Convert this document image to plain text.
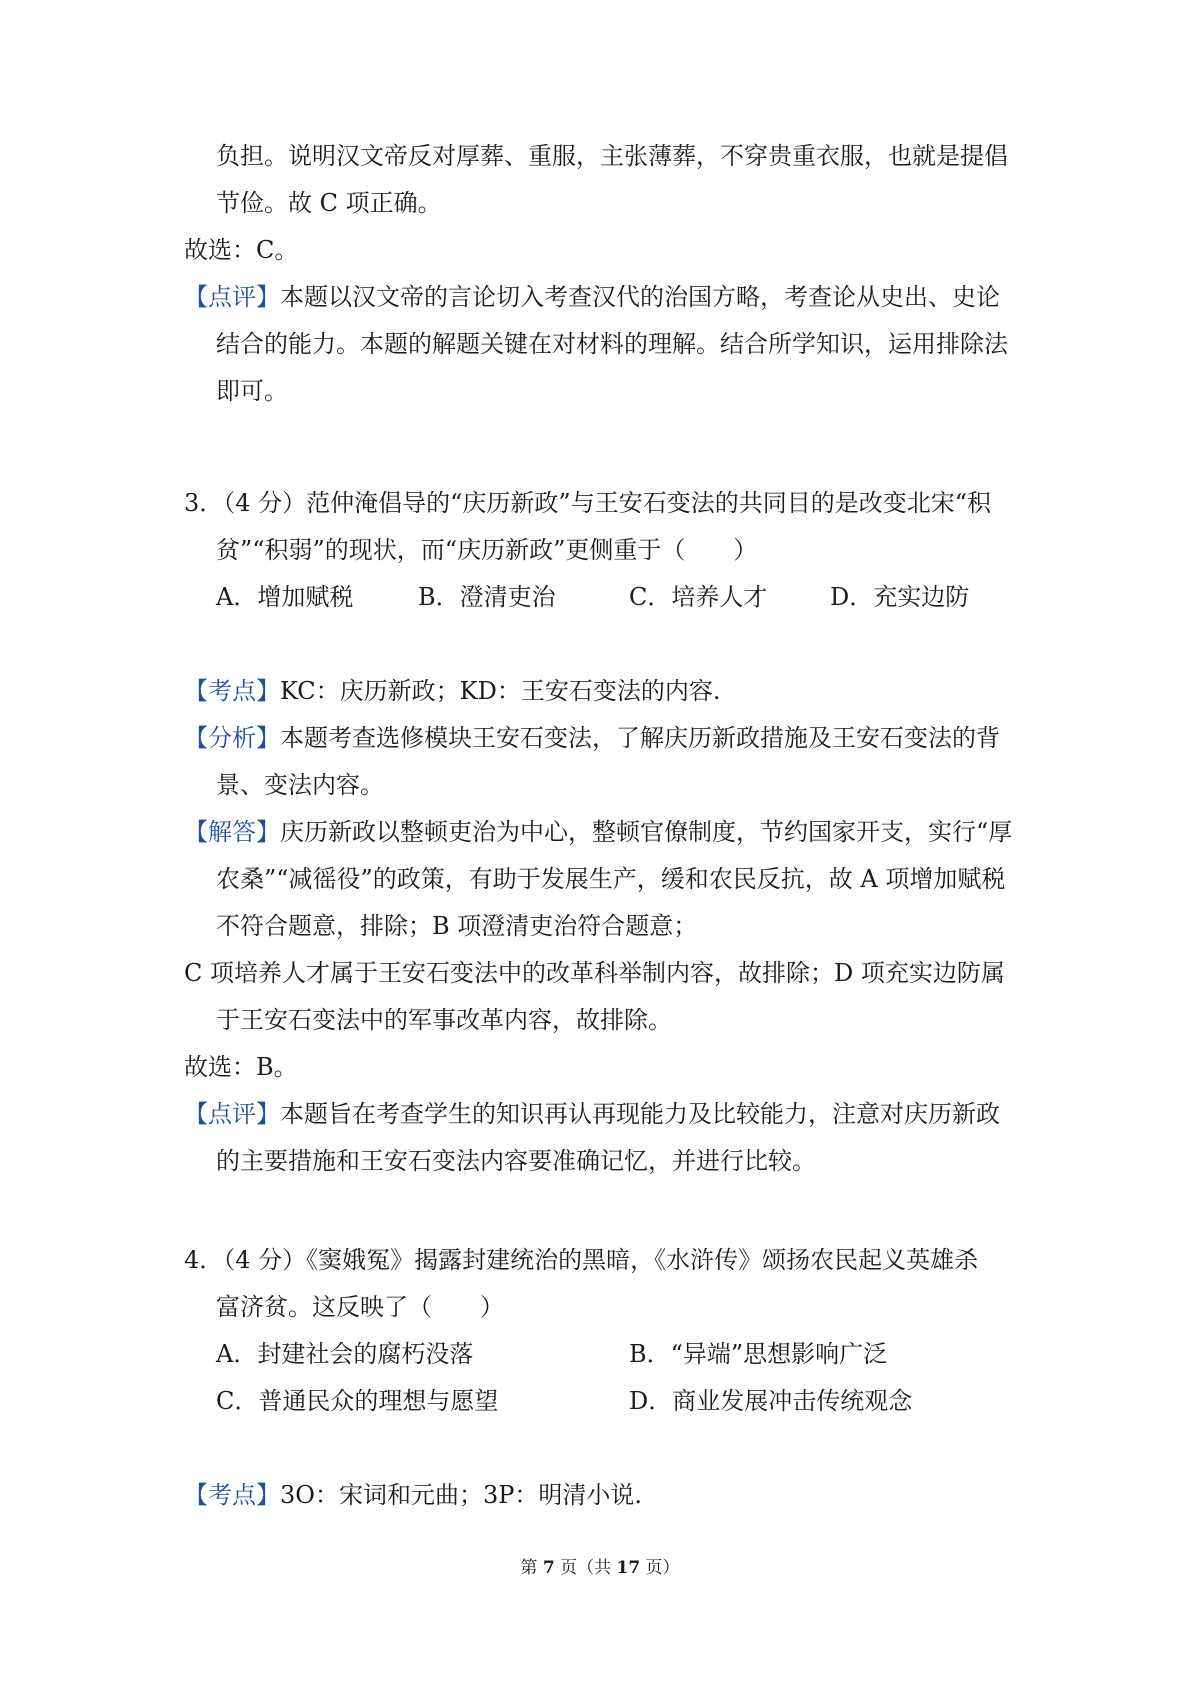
负担。说明汉文帝反对厚葬、重服，主张薄葬，不穿贵重衣服，也就是提倡
节俭。故 C 项正确。
故选：C。
【点评】本题以汉文帝的言论切入考查汉代的治国方略，考查论从史出、史论
结合的能力。本题的解题关键在对材料的理解。结合所学知识，运用排除法
即可。
3．（4 分）范仲淹倡导的“庆历新政”与王安石变法的共同目的是改变北宋“积
贫”“积弱”的现状，而“庆历新政”更侧重于（　　）
A．增加赋税	B．澄清吏治	C．培养人才	D．充实边防
【考点】KC：庆历新政；KD：王安石变法的内容.
【分析】本题考查选修模块王安石变法，了解庆历新政措施及王安石变法的背
景、变法内容。
【解答】庆历新政以整顿吏治为中心，整顿官僚制度，节约国家开支，实行“厚
农桑”“减徭役”的政策，有助于发展生产，缓和农民反抗，故 A 项增加赋税
不符合题意，排除；B 项澄清吏治符合题意；
C 项培养人才属于王安石变法中的改革科举制内容，故排除；D 项充实边防属
于王安石变法中的军事改革内容，故排除。
故选：B。
【点评】本题旨在考查学生的知识再认再现能力及比较能力，注意对庆历新政
的主要措施和王安石变法内容要准确记忆，并进行比较。
4．（4 分）《窦娥冤》揭露封建统治的黑暗，《水浒传》颂扬农民起义英雄杀
富济贫。这反映了（　　）
A．封建社会的腐朽没落	B．“异端”思想影响广泛
C．普通民众的理想与愿望	D．商业发展冲击传统观念
【考点】3O：宋词和元曲；3P：明清小说.
第 7 页（共 17 页）
